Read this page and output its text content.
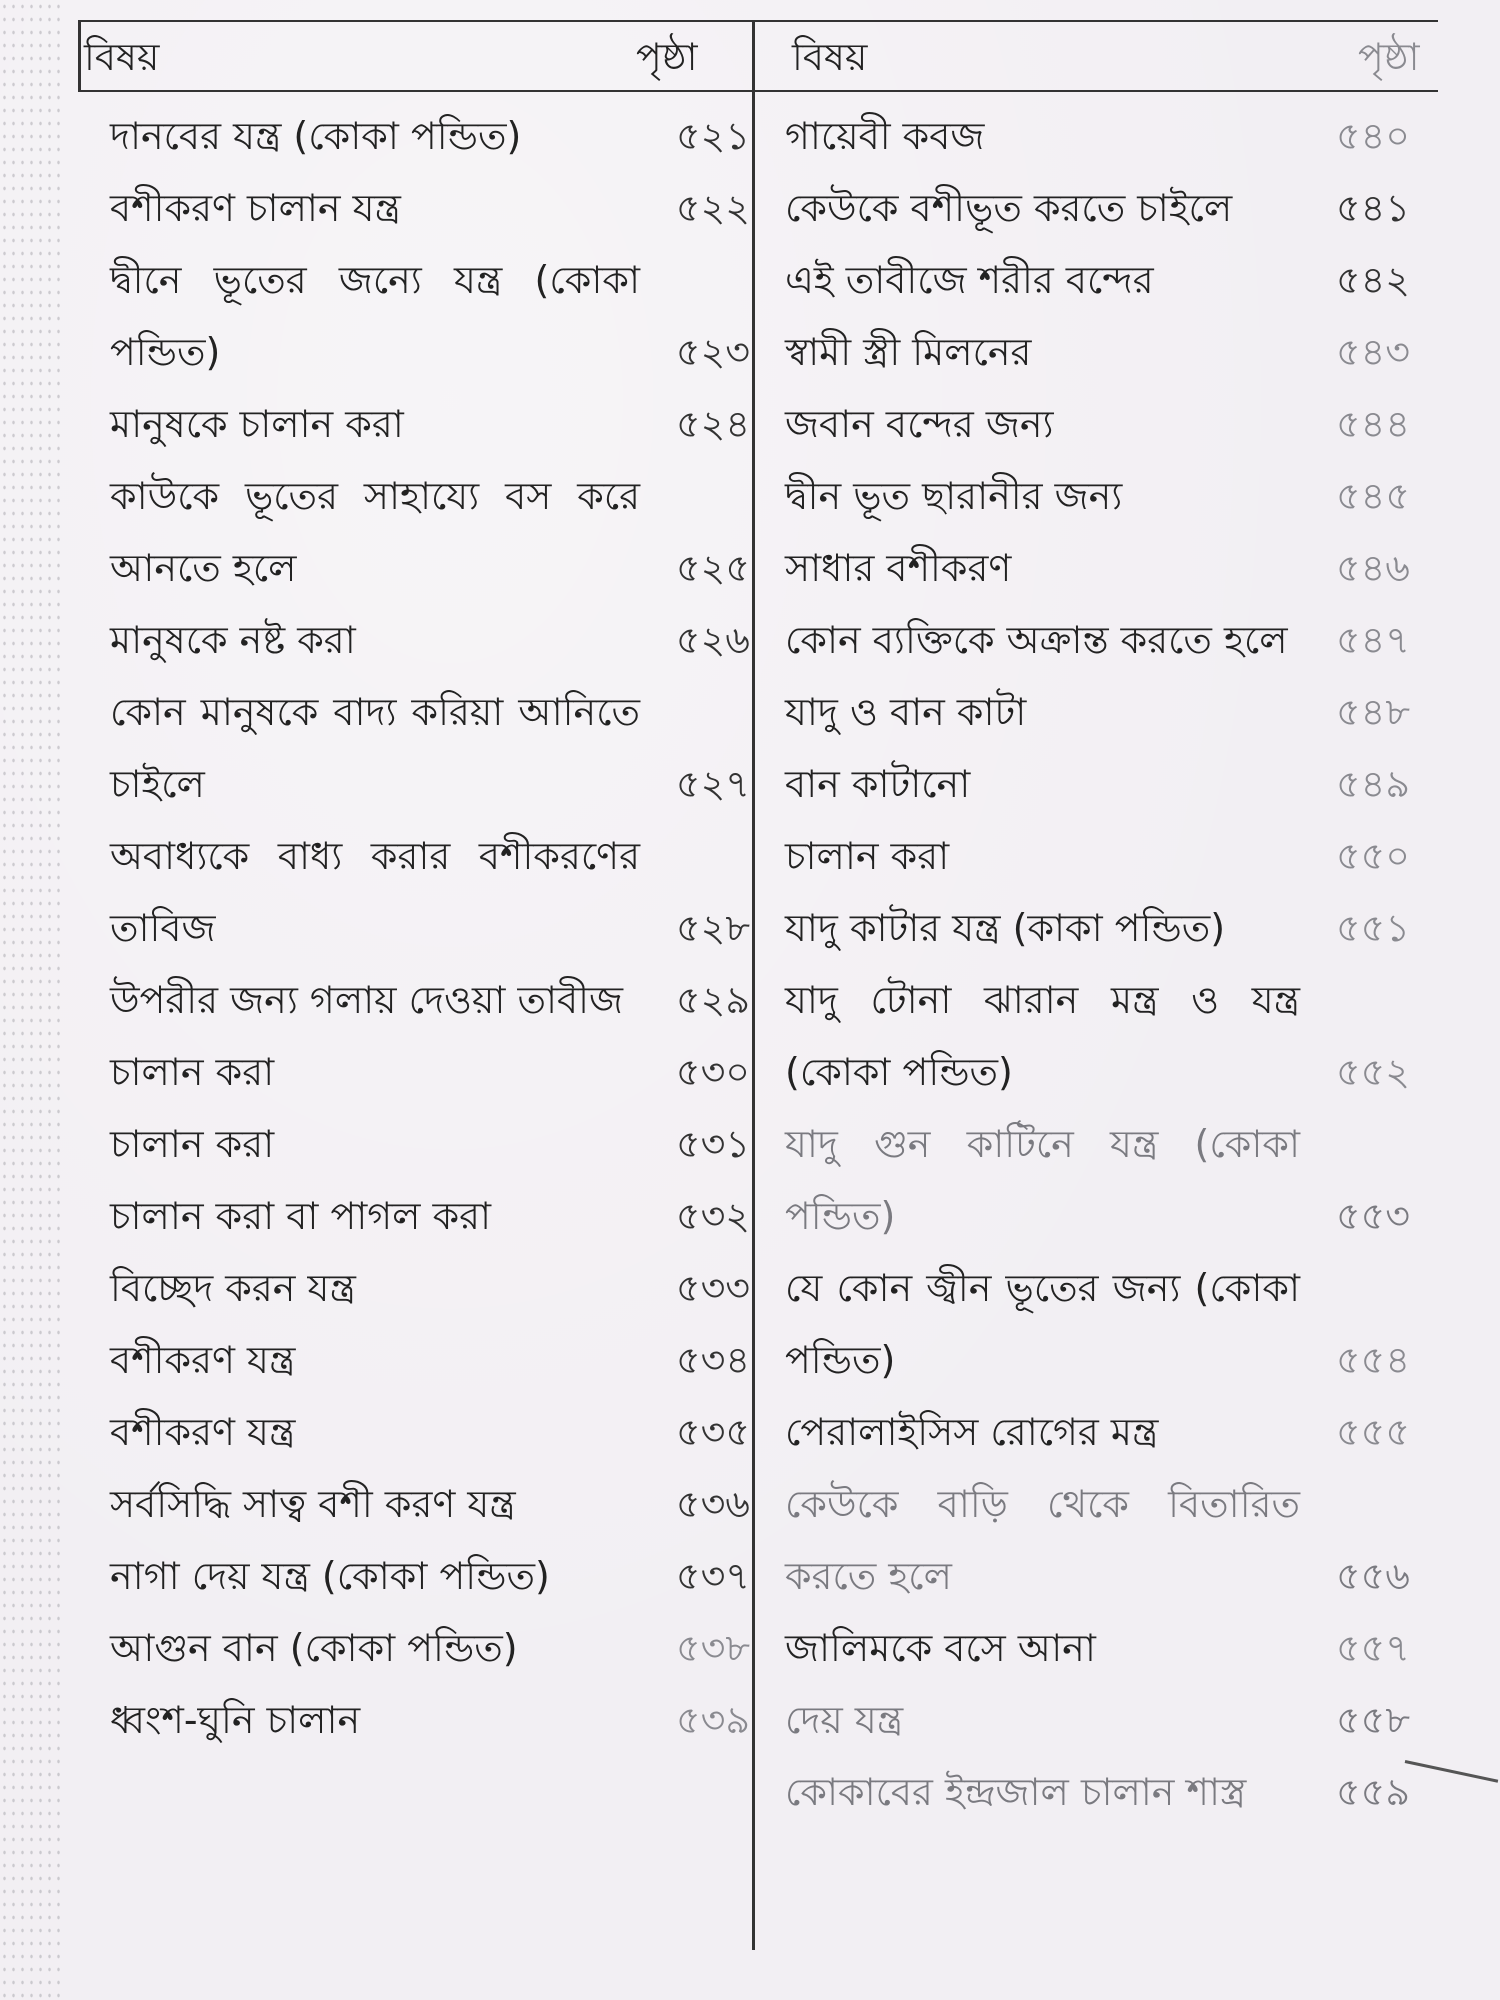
বিষয়	পৃষ্ঠা বিষয়	পৃষ্ঠা
দানবের যন্ত্র (কোকা পন্ডিত)	৫২১
বশীকরণ চালান যন্ত্র	৫২২
দ্বীনে ভূতের জন্যে যন্ত্র (কোকা পন্ডিত)	৫২৩
মানুষকে চালান করা	৫২৪
কাউকে ভূতের সাহায্যে বস করে আনতে হলে	৫২৫
মানুষকে নষ্ট করা	৫২৬
কোন মানুষকে বাদ্য করিয়া আনিতে চাইলে	৫২৭
অবাধ্যকে বাধ্য করার বশীকরণের তাবিজ	৫২৮
উপরীর জন্য গলায় দেওয়া তাবীজ	৫২৯
চালান করা	৫৩০
চালান করা	৫৩১
চালান করা বা পাগল করা	৫৩২
বিচ্ছেদ করন যন্ত্র	৫৩৩
বশীকরণ যন্ত্র	৫৩৪
বশীকরণ যন্ত্র	৫৩৫
সর্বসিদ্ধি সাত্ব বশী করণ যন্ত্র	৫৩৬
নাগা দেয় যন্ত্র (কোকা পন্ডিত)	৫৩৭
আগুন বান (কোকা পন্ডিত)	৫৩৮
ধ্বংশ-ঘুনি চালান	৫৩৯
গায়েবী কবজ	৫৪০
কেউকে বশীভূত করতে চাইলে	৫৪১
এই তাবীজে শরীর বন্দের	৫৪২
স্বামী স্ত্রী মিলনের	৫৪৩
জবান বন্দের জন্য	৫৪৪
দ্বীন ভূত ছারানীর জন্য	৫৪৫
সাধার বশীকরণ	৫৪৬
কোন ব্যক্তিকে অক্রান্ত করতে হলে	৫৪৭
যাদু ও বান কাটা	৫৪৮
বান কাটানো	৫৪৯
চালান করা	৫৫০
যাদু কাটার যন্ত্র (কাকা পন্ডিত)	৫৫১
যাদু টোনা ঝারান মন্ত্র ও যন্ত্র (কোকা পন্ডিত)	৫৫২
যাদু গুন কাটিনে যন্ত্র (কোকা পন্ডিত)	৫৫৩
যে কোন জ্বীন ভূতের জন্য (কোকা পন্ডিত)	৫৫৪
পেরালাইসিস রোগের মন্ত্র	৫৫৫
কেউকে বাড়ি থেকে বিতারিত করতে হলে	৫৫৬
জালিমকে বসে আনা	৫৫৭
দেয় যন্ত্র	৫৫৮
কোকাবের ইন্দ্রজাল চালান শাস্ত্র	৫৫৯
